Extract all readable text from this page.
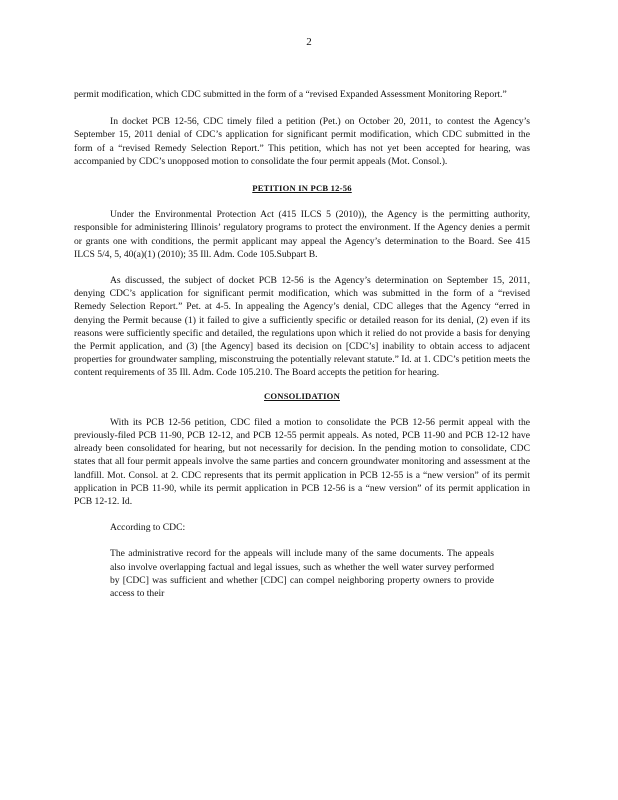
2

permit modification, which CDC submitted in the form of a “revised Expanded Assessment Monitoring Report.”

In docket PCB 12-56, CDC timely filed a petition (Pet.) on October 20, 2011, to contest the Agency’s September 15, 2011 denial of CDC’s application for significant permit modification, which CDC submitted in the form of a “revised Remedy Selection Report.” This petition, which has not yet been accepted for hearing, was accompanied by CDC’s unopposed motion to consolidate the four permit appeals (Mot. Consol.).

PETITION IN PCB 12-56

Under the Environmental Protection Act (415 ILCS 5 (2010)), the Agency is the permitting authority, responsible for administering Illinois’ regulatory programs to protect the environment. If the Agency denies a permit or grants one with conditions, the permit applicant may appeal the Agency’s determination to the Board. See 415 ILCS 5/4, 5, 40(a)(1) (2010); 35 Ill. Adm. Code 105.Subpart B.

As discussed, the subject of docket PCB 12-56 is the Agency’s determination on September 15, 2011, denying CDC’s application for significant permit modification, which was submitted in the form of a “revised Remedy Selection Report.” Pet. at 4-5. In appealing the Agency’s denial, CDC alleges that the Agency “erred in denying the Permit because (1) it failed to give a sufficiently specific or detailed reason for its denial, (2) even if its reasons were sufficiently specific and detailed, the regulations upon which it relied do not provide a basis for denying the Permit application, and (3) [the Agency] based its decision on [CDC’s] inability to obtain access to adjacent properties for groundwater sampling, misconstruing the potentially relevant statute.” Id. at 1. CDC’s petition meets the content requirements of 35 Ill. Adm. Code 105.210. The Board accepts the petition for hearing.

CONSOLIDATION

With its PCB 12-56 petition, CDC filed a motion to consolidate the PCB 12-56 permit appeal with the previously-filed PCB 11-90, PCB 12-12, and PCB 12-55 permit appeals. As noted, PCB 11-90 and PCB 12-12 have already been consolidated for hearing, but not necessarily for decision. In the pending motion to consolidate, CDC states that all four permit appeals involve the same parties and concern groundwater monitoring and assessment at the landfill. Mot. Consol. at 2. CDC represents that its permit application in PCB 12-55 is a “new version” of its permit application in PCB 11-90, while its permit application in PCB 12-56 is a “new version” of its permit application in PCB 12-12. Id.

According to CDC:

The administrative record for the appeals will include many of the same documents. The appeals also involve overlapping factual and legal issues, such as whether the well water survey performed by [CDC] was sufficient and whether [CDC] can compel neighboring property owners to provide access to their
